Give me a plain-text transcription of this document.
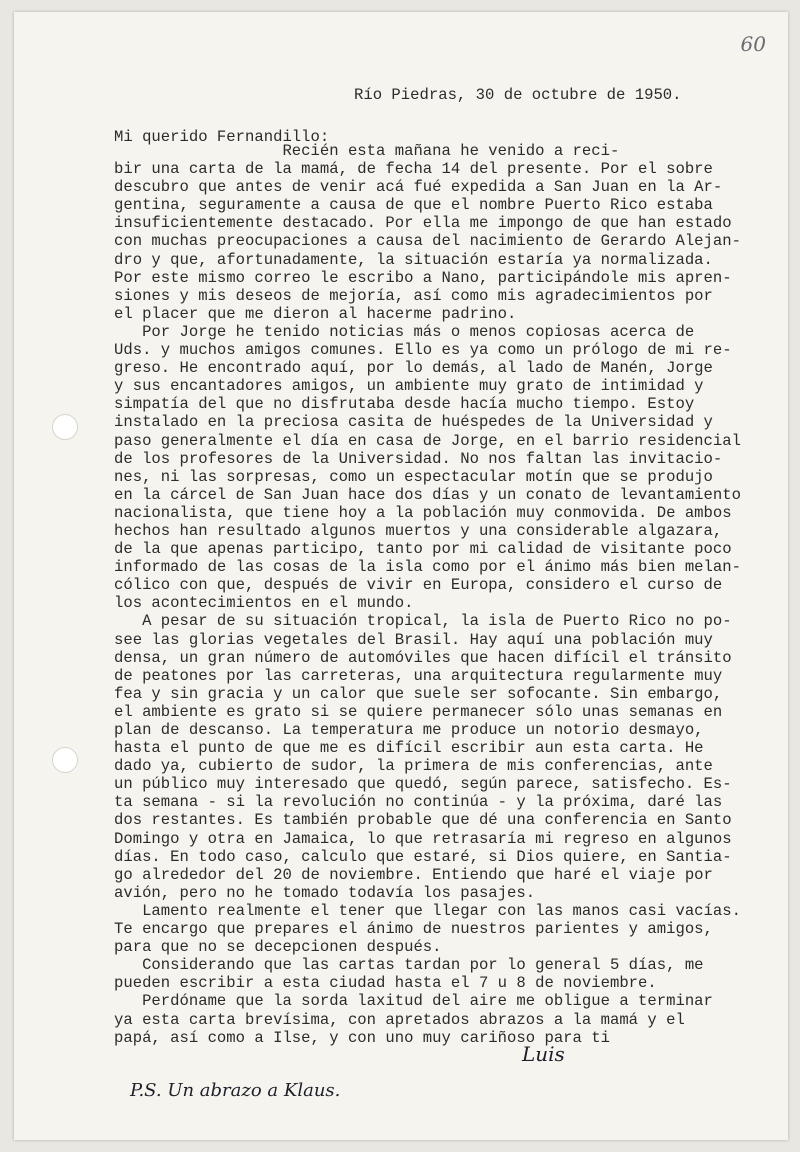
60
Río Piedras, 30 de octubre de 1950.
Mi querido Fernandillo:

Recién esta mañana he venido a reci-

bir una carta de la mamá, de fecha 14 del presente. Por el sobre

descubro que antes de venir acá fué expedida a San Juan en la Ar-

gentina, seguramente a causa de que el nombre Puerto Rico estaba

insuficientemente destacado. Por ella me impongo de que han estado

con muchas preocupaciones a causa del nacimiento de Gerardo Alejan-

dro y que, afortunadamente, la situación estaría ya normalizada.

Por este mismo correo le escribo a Nano, participándole mis apren-

siones y mis deseos de mejoría, así como mis agradecimientos por

el placer que me dieron al hacerme padrino.

Por Jorge he tenido noticias más o menos copiosas acerca de

Uds. y muchos amigos comunes. Ello es ya como un prólogo de mi re-

greso. He encontrado aquí, por lo demás, al lado de Manén, Jorge

y sus encantadores amigos, un ambiente muy grato de intimidad y

simpatía del que no disfrutaba desde hacía mucho tiempo. Estoy

instalado en la preciosa casita de huéspedes de la Universidad y

paso generalmente el día en casa de Jorge, en el barrio residencial

de los profesores de la Universidad. No nos faltan las invitacio-

nes, ni las sorpresas, como un espectacular motín que se produjo

en la cárcel de San Juan hace dos días y un conato de levantamiento

nacionalista, que tiene hoy a la población muy conmovida. De ambos

hechos han resultado algunos muertos y una considerable algazara,

de la que apenas participo, tanto por mi calidad de visitante poco

informado de las cosas de la isla como por el ánimo más bien melan-

cólico con que, después de vivir en Europa, considero el curso de

los acontecimientos en el mundo.

A pesar de su situación tropical, la isla de Puerto Rico no po-

see las glorias vegetales del Brasil. Hay aquí una población muy

densa, un gran número de automóviles que hacen difícil el tránsito

de peatones por las carreteras, una arquitectura regularmente muy

fea y sin gracia y un calor que suele ser sofocante. Sin embargo,

el ambiente es grato si se quiere permanecer sólo unas semanas en

plan de descanso. La temperatura me produce un notorio desmayo,

hasta el punto de que me es difícil escribir aun esta carta. He

dado ya, cubierto de sudor, la primera de mis conferencias, ante

un público muy interesado que quedó, según parece, satisfecho. Es-

ta semana - si la revolución no continúa - y la próxima, daré las

dos restantes. Es también probable que dé una conferencia en Santo

Domingo y otra en Jamaica, lo que retrasaría mi regreso en algunos

días. En todo caso, calculo que estaré, si Dios quiere, en Santia-

go alrededor del 20 de noviembre. Entiendo que haré el viaje por

avión, pero no he tomado todavía los pasajes.

Lamento realmente el tener que llegar con las manos casi vacías.

Te encargo que prepares el ánimo de nuestros parientes y amigos,

para que no se decepcionen después.

Considerando que las cartas tardan por lo general 5 días, me

pueden escribir a esta ciudad hasta el 7 u 8 de noviembre.

Perdóname que la sorda laxitud del aire me obligue a terminar

ya esta carta brevísima, con apretados abrazos a la mamá y el

papá, así como a Ilse, y con uno muy cariñoso para ti

Luis
P.S. Un abrazo a Klaus.
